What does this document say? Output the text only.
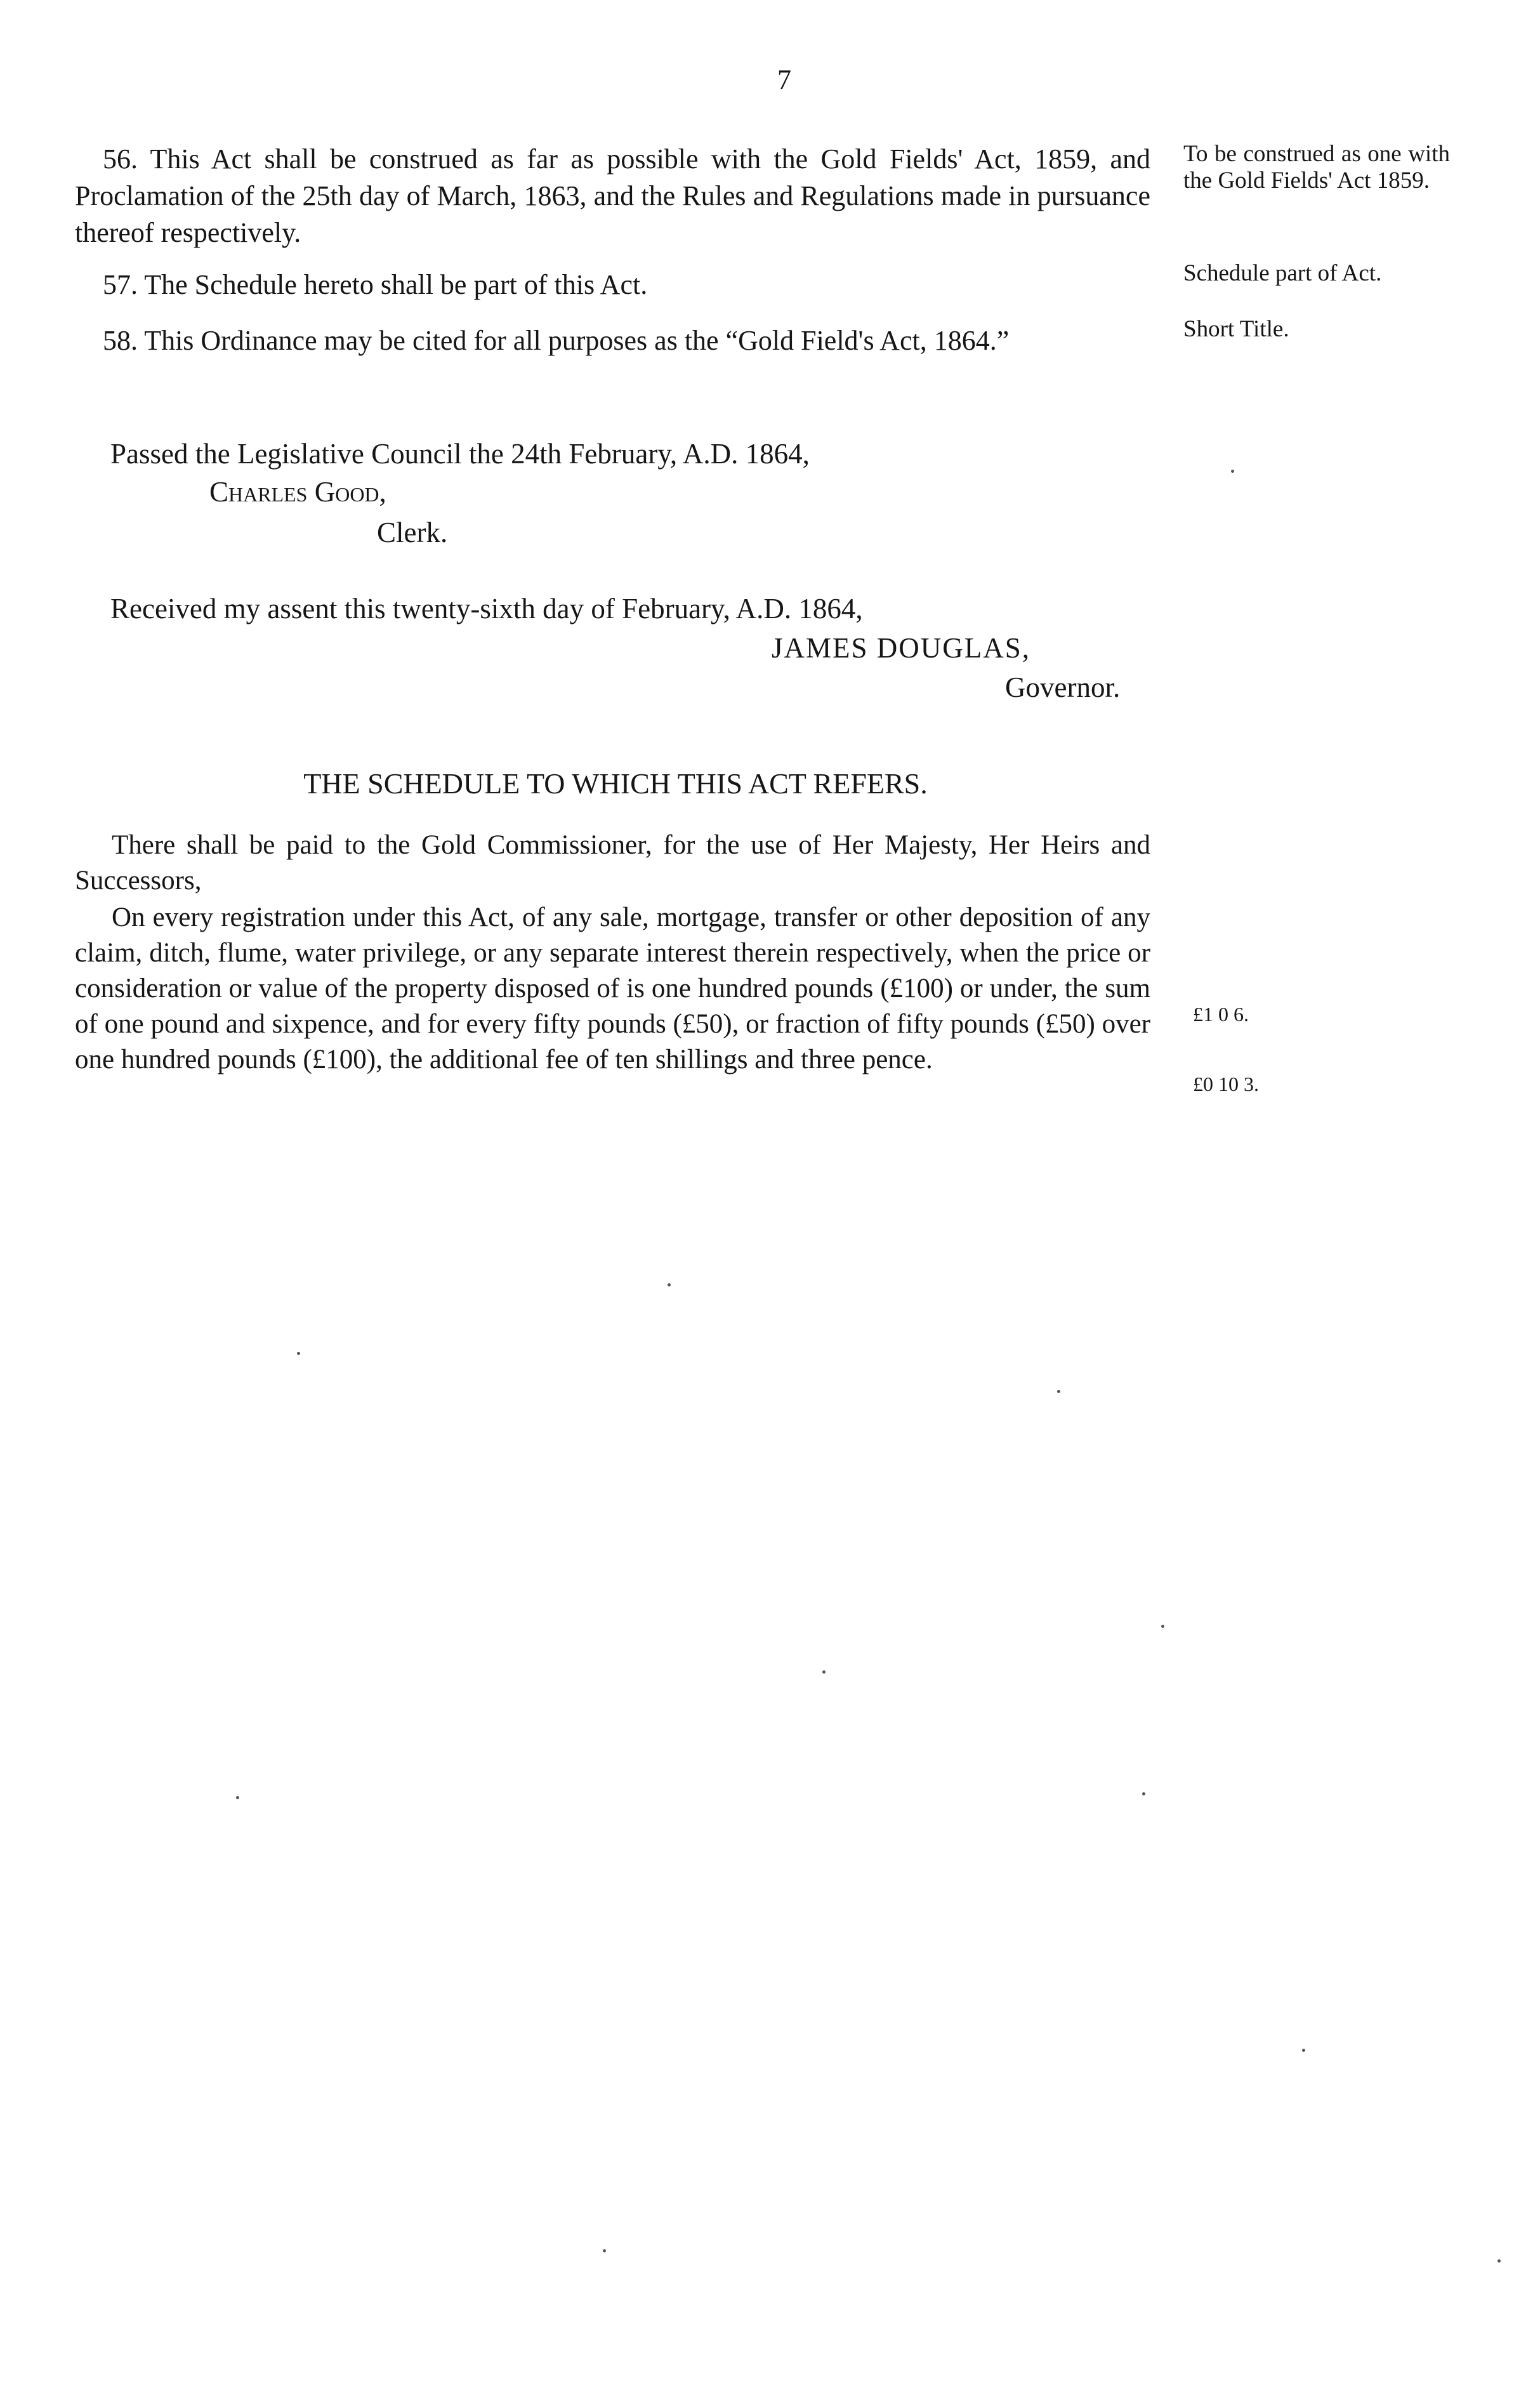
7

56. This Act shall be construed as far as possible with the Gold Fields' Act, 1859, and Proclamation of the 25th day of March, 1863, and the Rules and Regulations made in pursuance thereof respectively.

To be construed as one with the Gold Fields' Act 1859.

57. The Schedule hereto shall be part of this Act.	Schedule part of Act.

58. This Ordinance may be cited for all purposes as the “Gold Field's Act, 1864.”	Short Title.
Passed the Legislative Council the 24th February, A.D. 1864,
Charles Good,
Clerk.
Received my assent this twenty-sixth day of February, A.D. 1864,
JAMES DOUGLAS,
Governor.
THE SCHEDULE TO WHICH THIS ACT REFERS.

There shall be paid to the Gold Commissioner, for the use of Her Majesty, Her Heirs and Successors,

On every registration under this Act, of any sale, mortgage, transfer or other deposition of any claim, ditch, flume, water privilege, or any separate interest therein respectively, when the price or consideration or value of the property disposed of is one hundred pounds (£100) or under, the sum of one pound and sixpence, and for every fifty pounds (£50), or fraction of fifty pounds (£50) over one hundred pounds (£100), the additional fee of ten shillings and three pence.

£1 0 6.
£0 10 3.
